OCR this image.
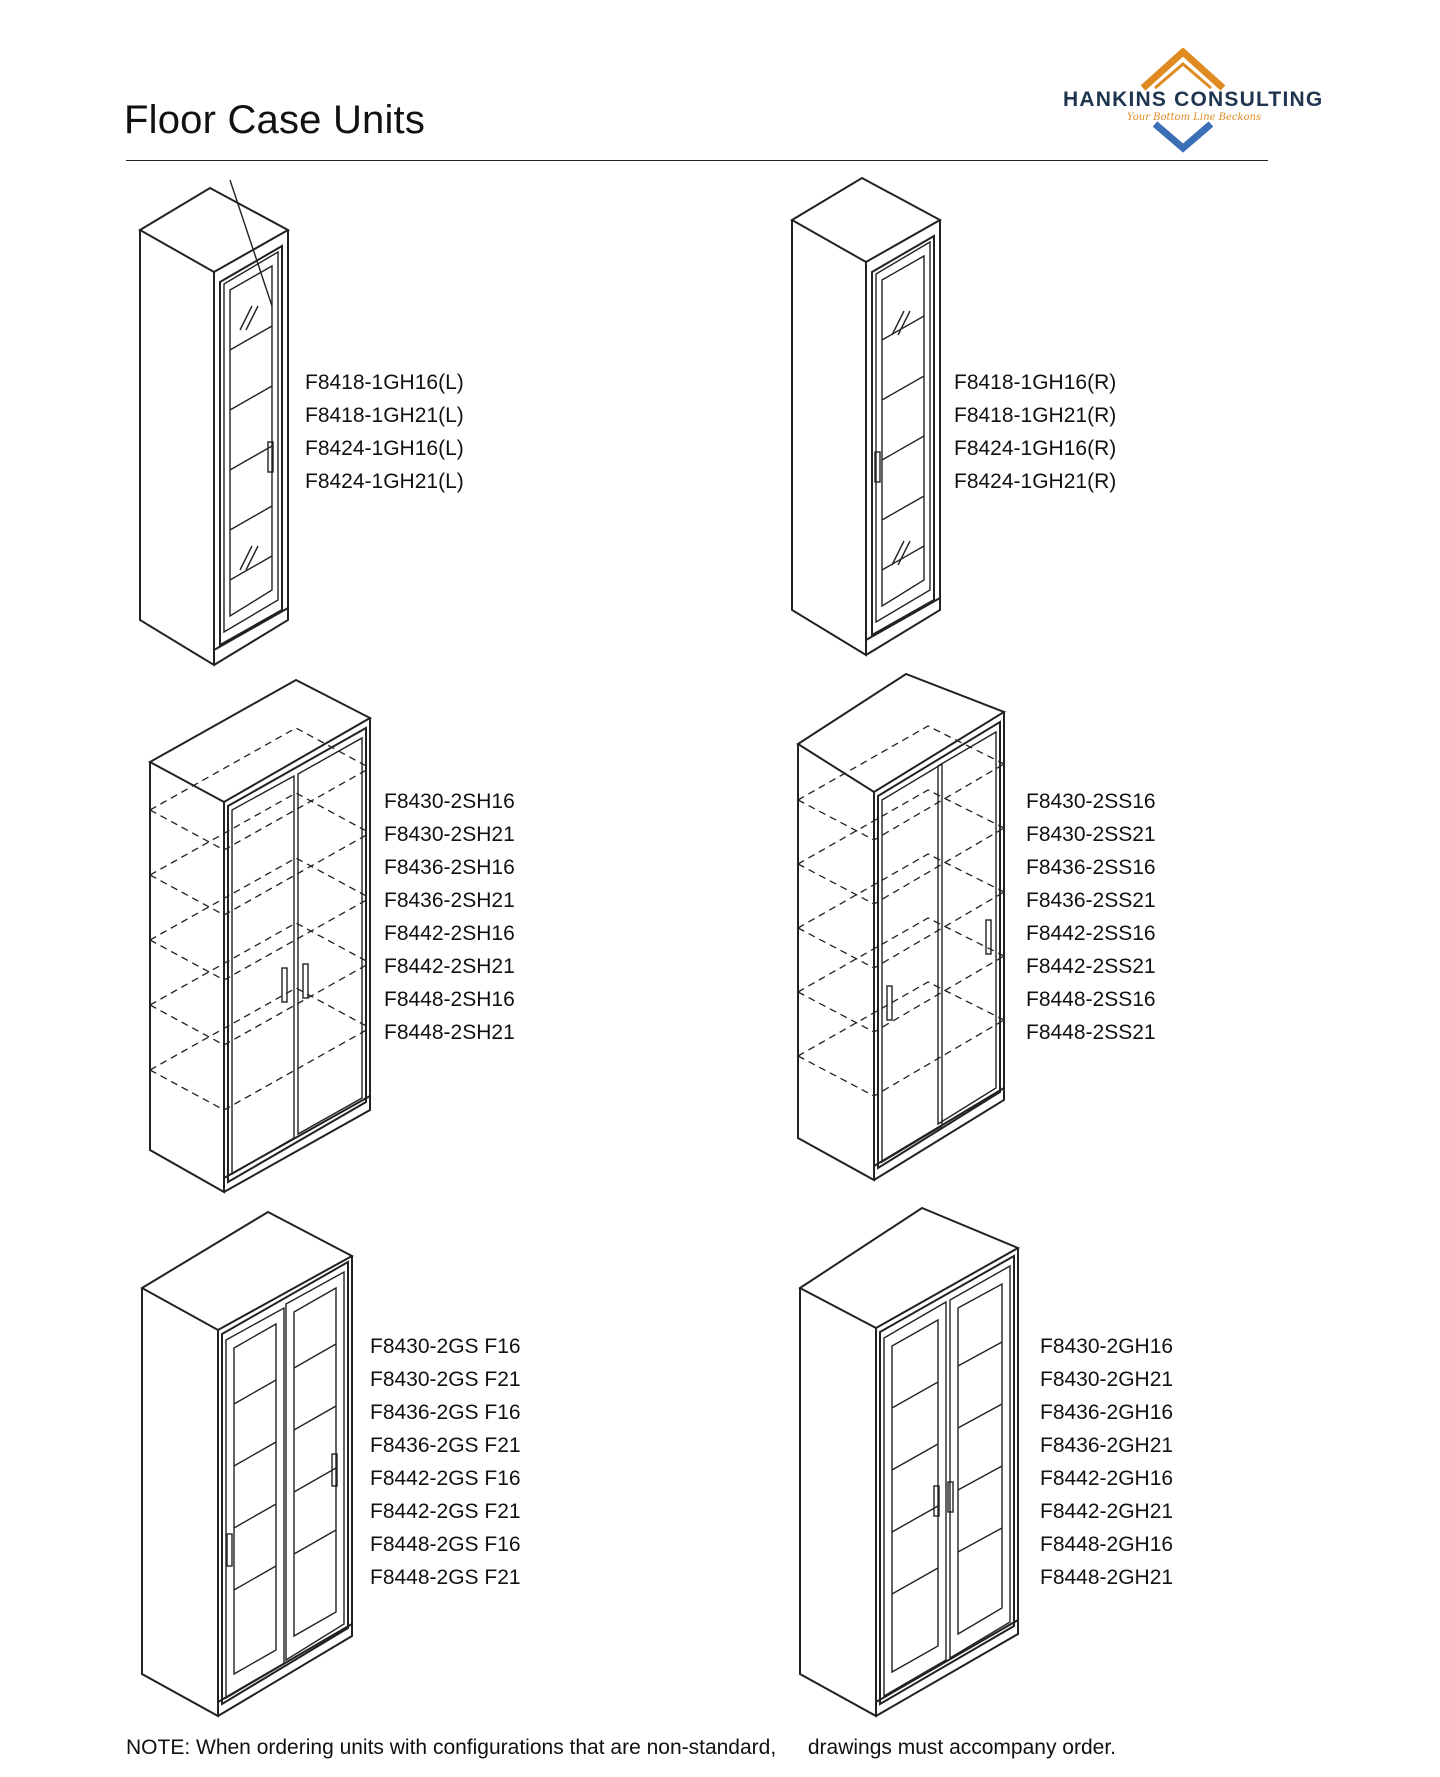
Floor Case Units	HANKINS CONSULTING
Your Bottom Line Beckons
F8418-1GH16(L)
F8418-1GH21(L)
F8424-1GH16(L)
F8424-1GH21(L)
F8418-1GH16(R)
F8418-1GH21(R)
F8424-1GH16(R)
F8424-1GH21(R)
F8430-2SH16
F8430-2SH21
F8436-2SH16
F8436-2SH21
F8442-2SH16
F8442-2SH21
F8448-2SH16
F8448-2SH21
F8430-2SS16
F8430-2SS21
F8436-2SS16
F8436-2SS21
F8442-2SS16
F8442-2SS21
F8448-2SS16
F8448-2SS21
F8430-2GS F16
F8430-2GS F21
F8436-2GS F16
F8436-2GS F21
F8442-2GS F16
F8442-2GS F21
F8448-2GS F16
F8448-2GS F21
F8430-2GH16
F8430-2GH21
F8436-2GH16
F8436-2GH21
F8442-2GH16
F8442-2GH21
F8448-2GH16
F8448-2GH21
NOTE: When ordering units with configurations that are non-standard, drawings must accompany order.
